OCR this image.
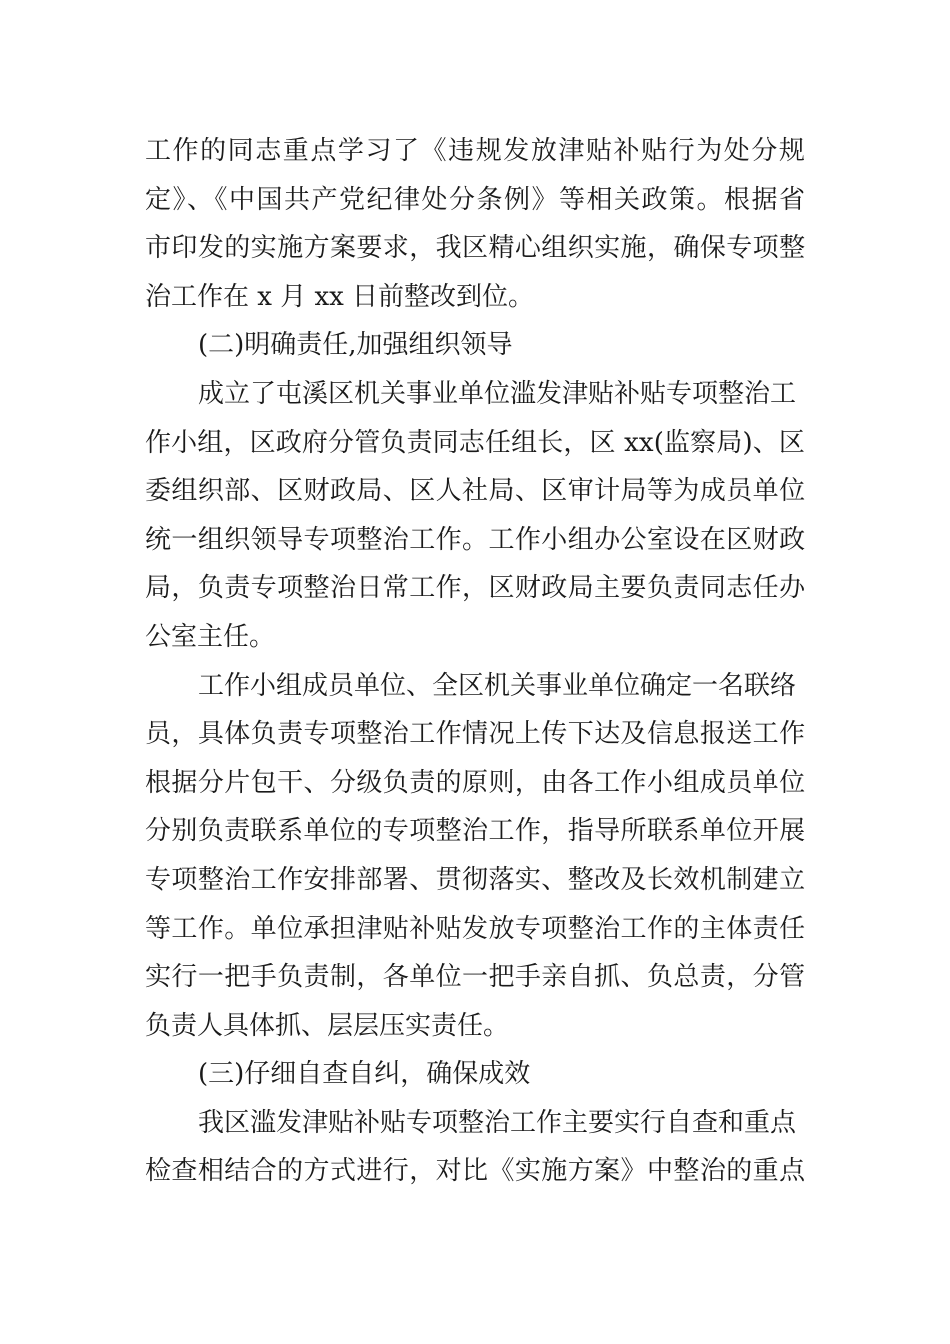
工作的同志重点学习了《违规发放津贴补贴行为处分规
定》、《中国共产党纪律处分条例》等相关政策。根据省
市印发的实施方案要求，我区精心组织实施，确保专项整
治工作在 x 月 xx 日前整改到位。
(二)明确责任,加强组织领导
成立了屯溪区机关事业单位滥发津贴补贴专项整治工
作小组，区政府分管负责同志任组长，区 xx(监察局)、区
委组织部、区财政局、区人社局、区审计局等为成员单位
统一组织领导专项整治工作。工作小组办公室设在区财政
局，负责专项整治日常工作，区财政局主要负责同志任办
公室主任。
工作小组成员单位、全区机关事业单位确定一名联络
员，具体负责专项整治工作情况上传下达及信息报送工作
根据分片包干、分级负责的原则，由各工作小组成员单位
分别负责联系单位的专项整治工作，指导所联系单位开展
专项整治工作安排部署、贯彻落实、整改及长效机制建立
等工作。单位承担津贴补贴发放专项整治工作的主体责任
实行一把手负责制，各单位一把手亲自抓、负总责，分管
负责人具体抓、层层压实责任。
(三)仔细自查自纠，确保成效
我区滥发津贴补贴专项整治工作主要实行自查和重点
检查相结合的方式进行，对比《实施方案》中整治的重点
